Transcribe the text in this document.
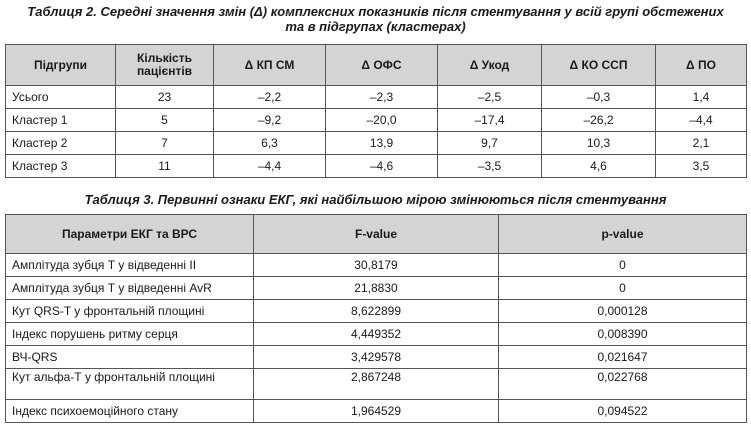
Таблиця 2. Середні значення змін (Δ) комплексних показників після стентування у всій групі обстежених

та в підгрупах (кластерах)

Підгрупи	Кількість пацієнтів	Δ КП СМ	Δ ОФС	Δ Укод	Δ КО ССП	Δ ПО
Усього	23	–2,2	–2,3	–2,5	–0,3	1,4
Кластер 1	5	–9,2	–20,0	–17,4	–26,2	–4,4
Кластер 2	7	6,3	13,9	9,7	10,3	2,1
Кластер 3	11	–4,4	–4,6	–3,5	4,6	3,5

Таблиця 3. Первинні ознаки ЕКГ, які найбільшою мірою змінюються після стентування

Параметри ЕКГ та ВРС	F-value	p-value
Амплітуда зубця Т у відведенні II	30,8179	0
Амплітуда зубця Т у відведенні AvR	21,8830	0
Кут QRS-T у фронтальній площині	8,622899	0,000128
Індекс порушень ритму серця	4,449352	0,008390
ВЧ-QRS	3,429578	0,021647
Кут альфа-Т у фронтальній площині	2,867248	0,022768
Індекс психоемоційного стану	1,964529	0,094522
